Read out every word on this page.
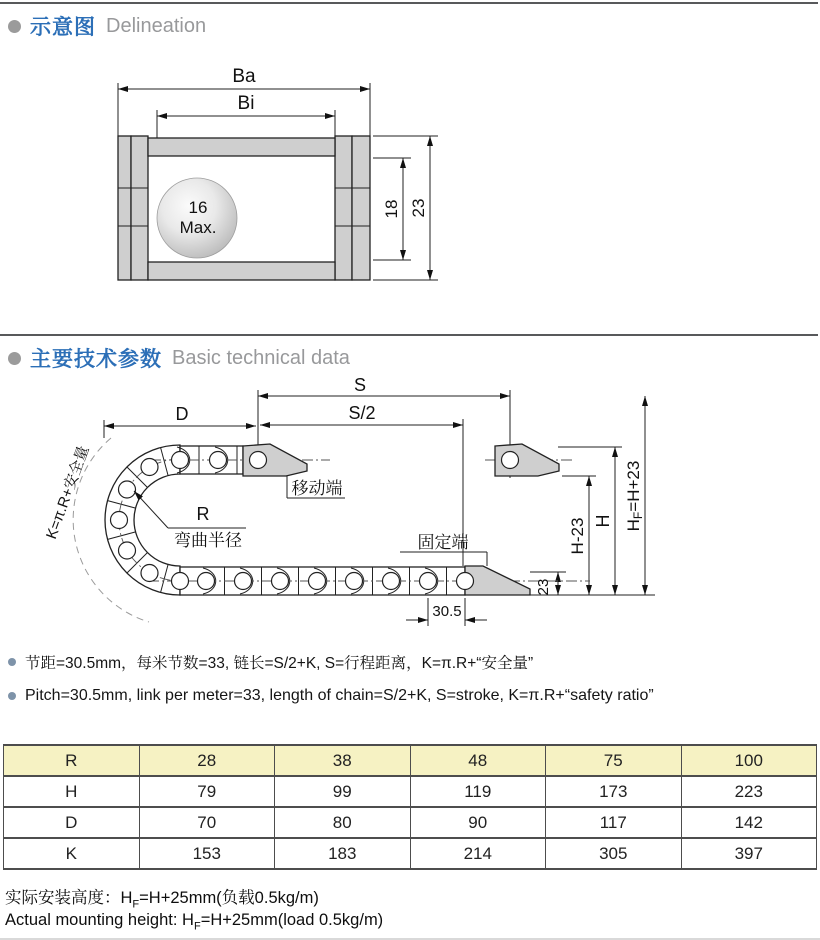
示意图 Delineation
16
Max.
Ba
Bi
18 23
主要技术参数 Basic technical data
K=π.R+安全量
S
S/2
D
R
弯曲半径
移动端
固定端	H-23 H HF=H+23
23
30.5
节距=30.5mm，每米节数=33, 链长=S/2+K, S=行程距离，K=π.R+“安全量”
Pitch=30.5mm, link per meter=33, length of chain=S/2+K, S=stroke, K=π.R+“safety ratio”
R	28	38	48	75	100
H	79	99	119	173	223
D	70	80	90	117	142
K	153	183	214	305	397
实际安装高度：$H_F=H+25mm$(负载0.5kg/m)
Actual mounting height: $H_F=H+25mm(load$ 0.5kg/m)
